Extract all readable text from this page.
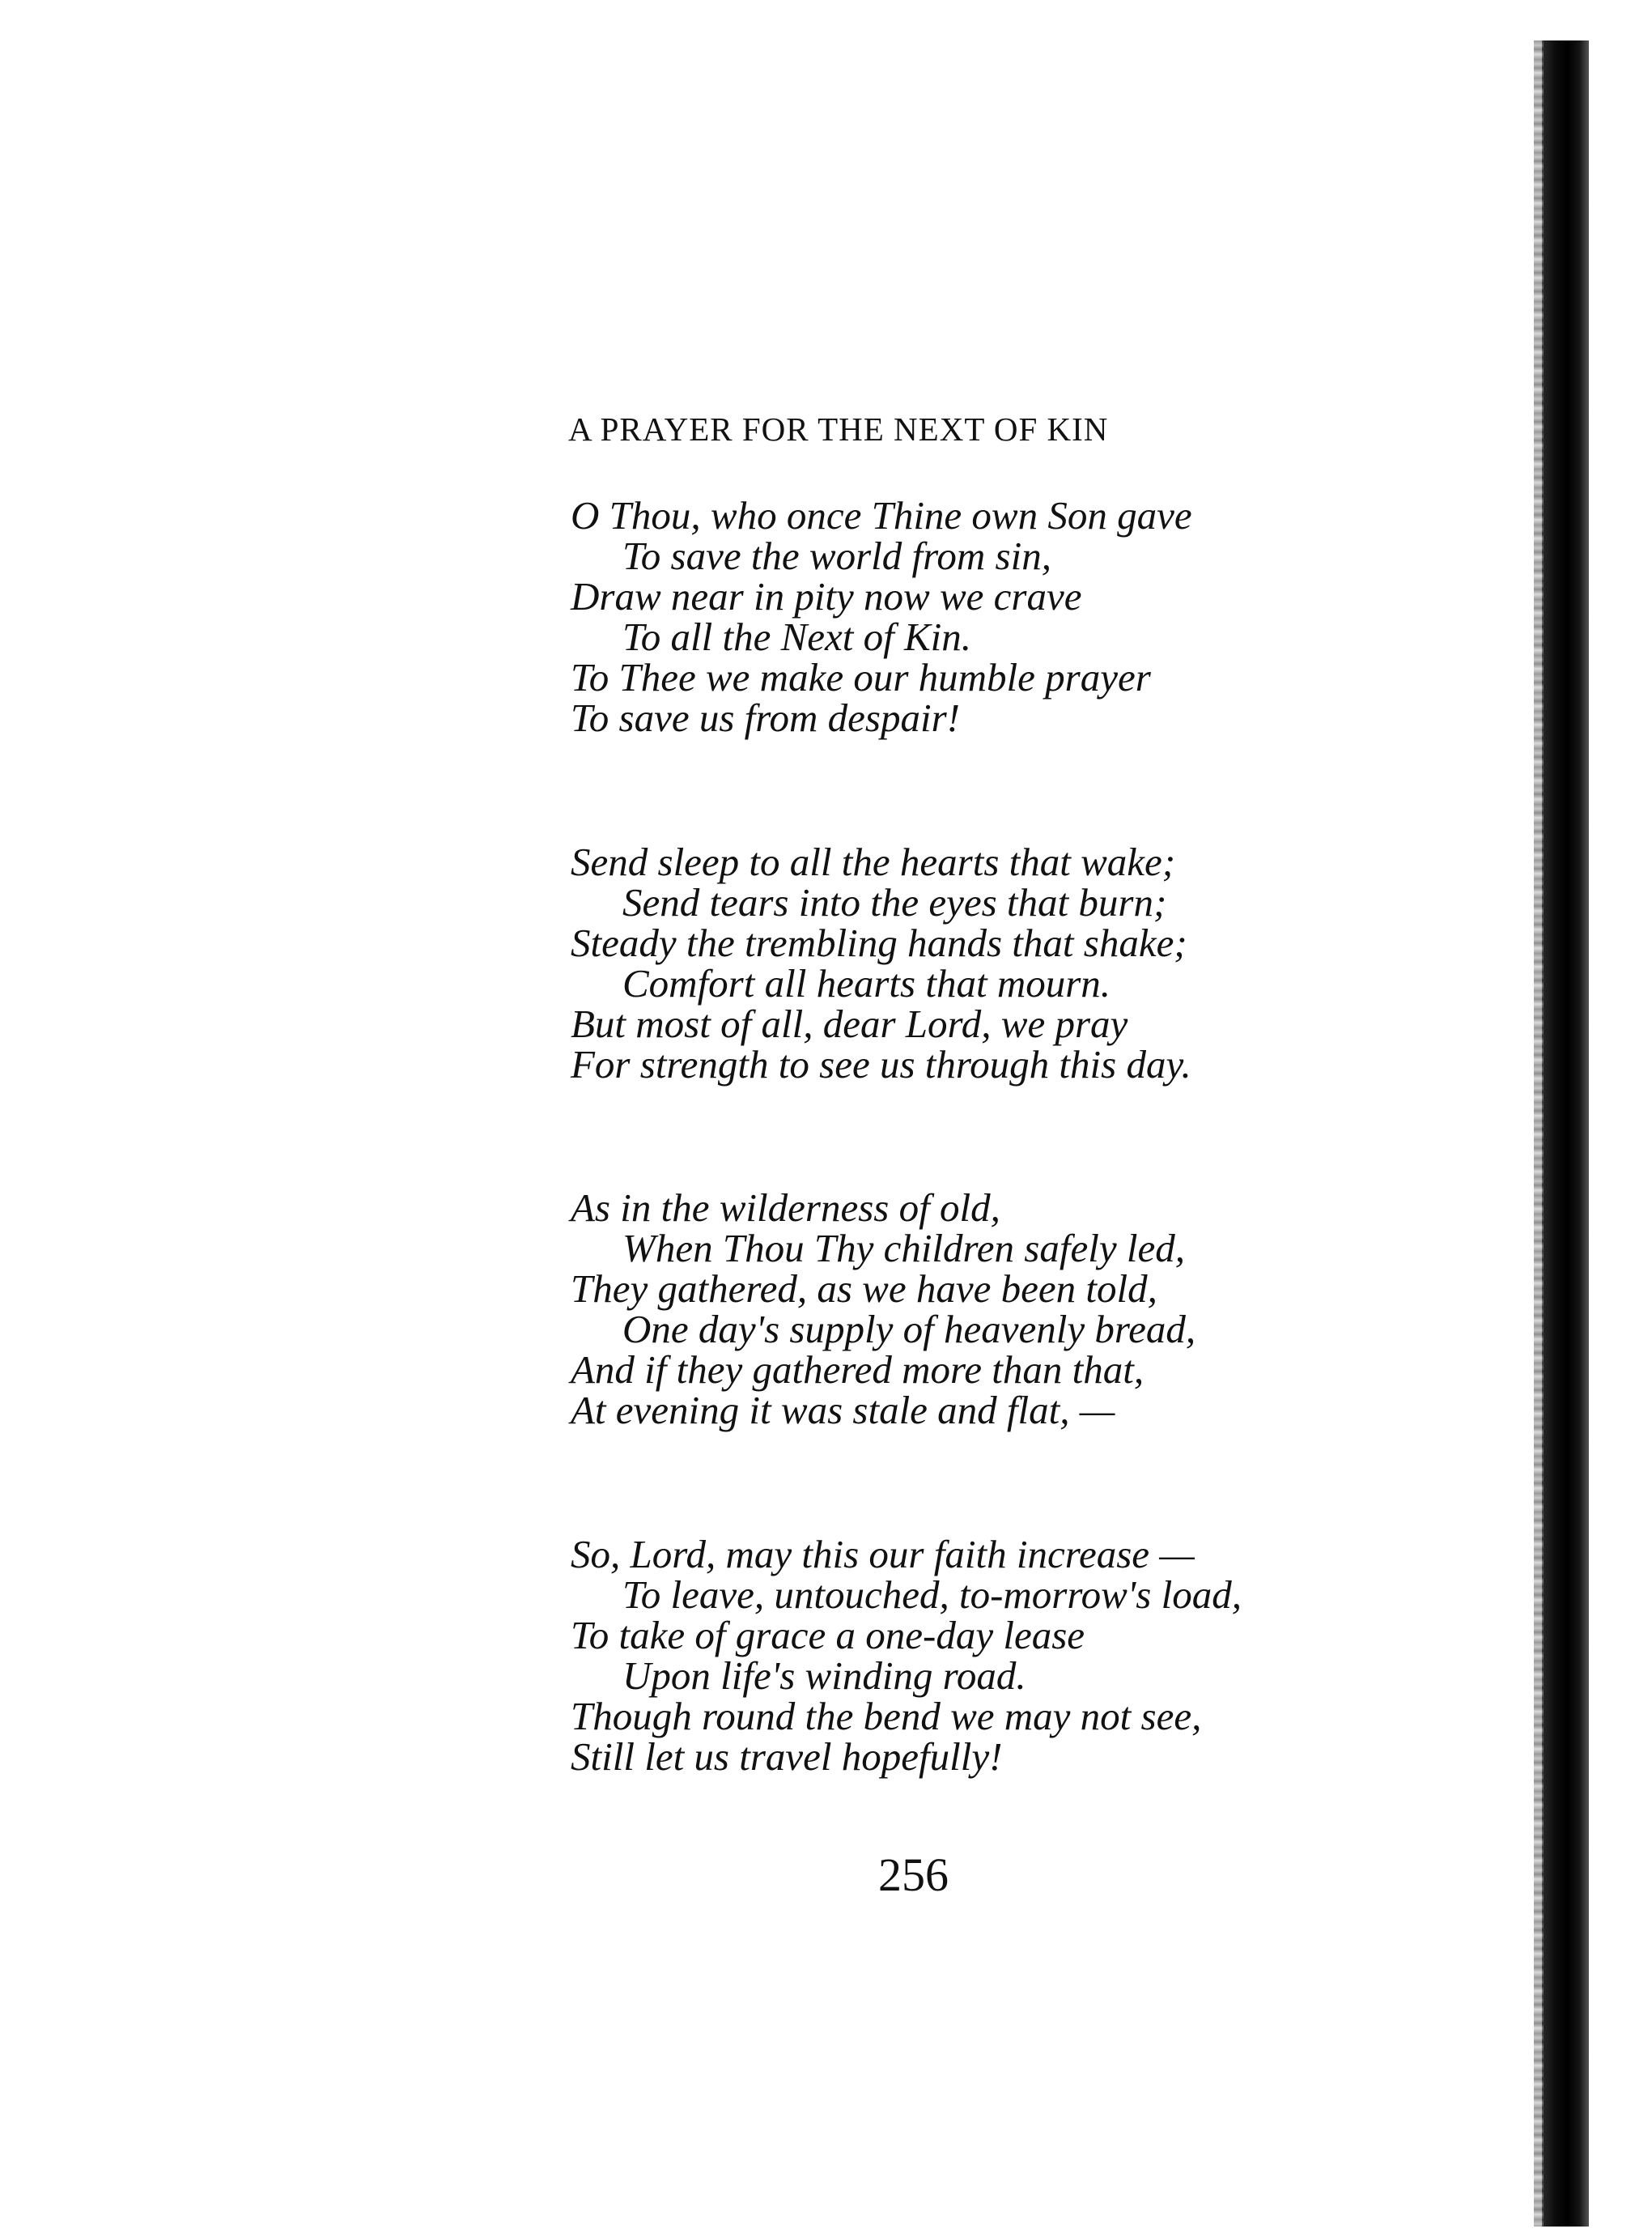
A PRAYER FOR THE NEXT OF KIN
O Thou, who once Thine own Son gave
To save the world from sin,
Draw near in pity now we crave
To all the Next of Kin.
To Thee we make our humble prayer
To save us from despair!
Send sleep to all the hearts that wake;
Send tears into the eyes that burn;
Steady the trembling hands that shake;
Comfort all hearts that mourn.
But most of all, dear Lord, we pray
For strength to see us through this day.
As in the wilderness of old,
When Thou Thy children safely led,
They gathered, as we have been told,
One day's supply of heavenly bread,
And if they gathered more than that,
At evening it was stale and flat, —
So, Lord, may this our faith increase —
To leave, untouched, to-morrow's load,
To take of grace a one-day lease
Upon life's winding road.
Though round the bend we may not see,
Still let us travel hopefully!
256
